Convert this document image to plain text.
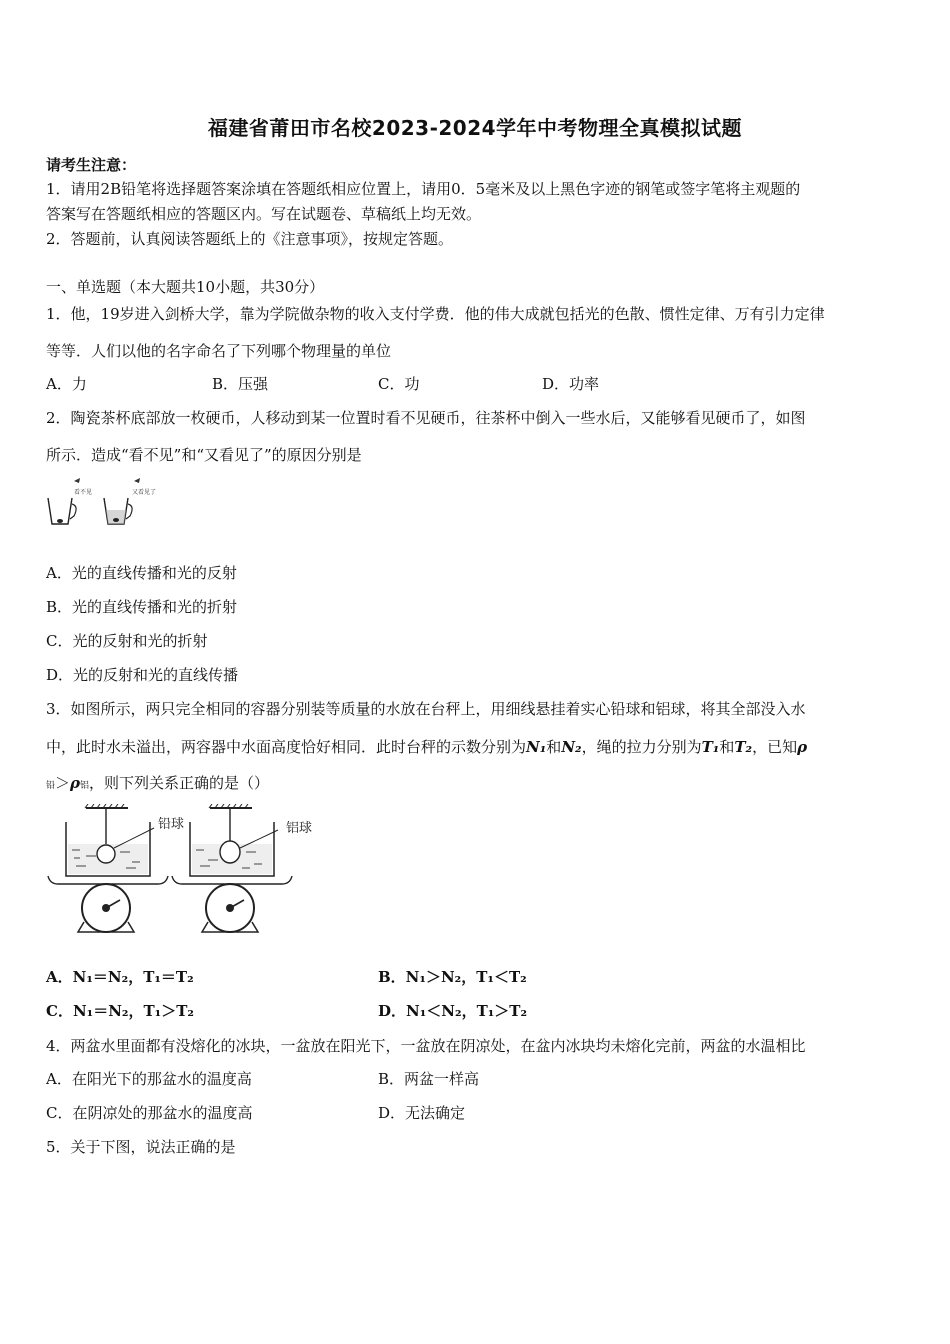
福建省莆田市名校2023-2024学年中考物理全真模拟试题
请考生注意：
1．请用2B铅笔将选择题答案涂填在答题纸相应位置上，请用0．5毫米及以上黑色字迹的钢笔或签字笔将主观题的
答案写在答题纸相应的答题区内。写在试题卷、草稿纸上均无效。
2．答题前，认真阅读答题纸上的《注意事项》，按规定答题。
一、单选题（本大题共10小题，共30分）
1．他，19岁进入剑桥大学，靠为学院做杂物的收入支付学费．他的伟大成就包括光的色散、惯性定律、万有引力定律
等等．人们以他的名字命名了下列哪个物理量的单位
A．力	B．压强	C．功	D．功率
2．陶瓷茶杯底部放一枚硬币，人移动到某一位置时看不见硬币，往茶杯中倒入一些水后，又能够看见硬币了，如图
所示．造成“看不见”和“又看见了”的原因分别是
看不见	又看见了
A．光的直线传播和光的反射
B．光的直线传播和光的折射
C．光的反射和光的折射
D．光的反射和光的直线传播
3．如图所示，两只完全相同的容器分别装等质量的水放在台秤上，用细线悬挂着实心铅球和铝球，将其全部没入水
中，此时水未溢出，两容器中水面高度恰好相同．此时台秤的示数分别为N₁和N₂，绳的拉力分别为T₁和T₂，已知ρ
铅＞ρ铝，则下列关系正确的是（）
铅球	铝球
A．N₁＝N₂，T₁＝T₂	B．N₁＞N₂，T₁＜T₂
C．N₁＝N₂，T₁＞T₂	D．N₁＜N₂，T₁＞T₂
4．两盆水里面都有没熔化的冰块，一盆放在阳光下，一盆放在阴凉处，在盆内冰块均未熔化完前，两盆的水温相比
A．在阳光下的那盆水的温度高	B．两盆一样高
C．在阴凉处的那盆水的温度高	D．无法确定
5．关于下图，说法正确的是
